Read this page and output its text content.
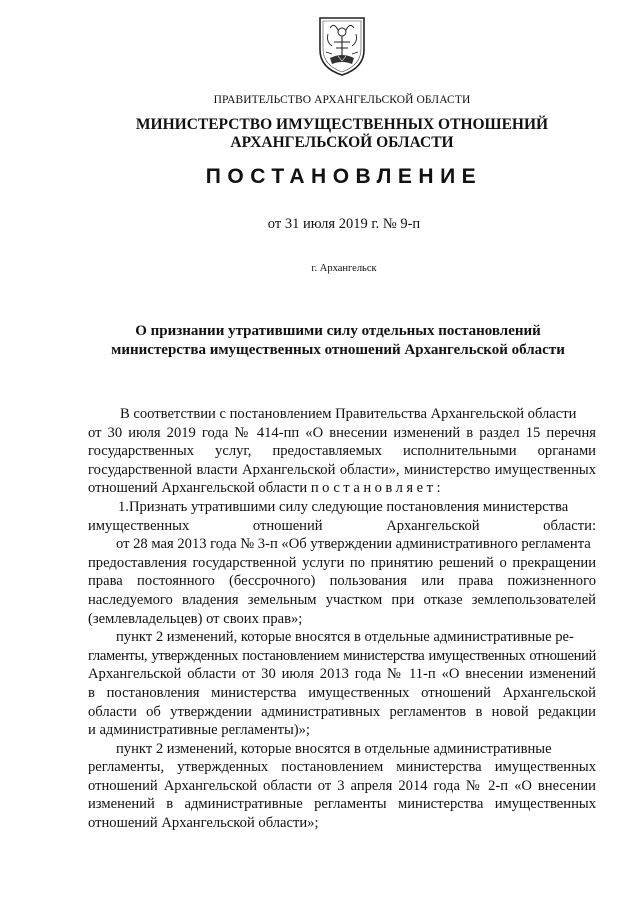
ПРАВИТЕЛЬСТВО АРХАНГЕЛЬСКОЙ ОБЛАСТИ
МИНИСТЕРСТВО ИМУЩЕСТВЕННЫХ ОТНОШЕНИЙ
АРХАНГЕЛЬСКОЙ ОБЛАСТИ
ПОСТАНОВЛЕНИЕ
от 31 июля 2019 г. № 9-п
г. Архангельск
О признании утратившими силу отдельных постановлений
министерства имущественных отношений Архангельской области

В соответствии с постановлением Правительства Архангельской области
от 30 июля 2019 года № 414-пп «О внесении изменений в раздел 15 перечня
государственных услуг, предоставляемых исполнительными органами
государственной власти Архангельской области», министерство имущественных
отношений Архангельской области постановляет:

1.Признать утратившими силу следующие постановления министерства
имущественных отношений Архангельской области:

от 28 мая 2013 года № 3-п «Об утверждении административного регламента
предоставления государственной услуги по принятию решений о прекращении
права постоянного (бессрочного) пользования или права пожизненного
наследуемого владения земельным участком при отказе землепользователей
(землевладельцев) от своих прав»;

пункт 2 изменений, которые вносятся в отдельные административные ре-
гламенты, утвержденных постановлением министерства имущественных отношений
Архангельской области от 30 июля 2013 года № 11-п «О внесении изменений
в постановления министерства имущественных отношений Архангельской
области об утверждении административных регламентов в новой редакции
и административные регламенты)»;

пункт 2 изменений, которые вносятся в отдельные административные
регламенты, утвержденных постановлением министерства имущественных
отношений Архангельской области от 3 апреля 2014 года № 2-п «О внесении
изменений в административные регламенты министерства имущественных
отношений Архангельской области»;
